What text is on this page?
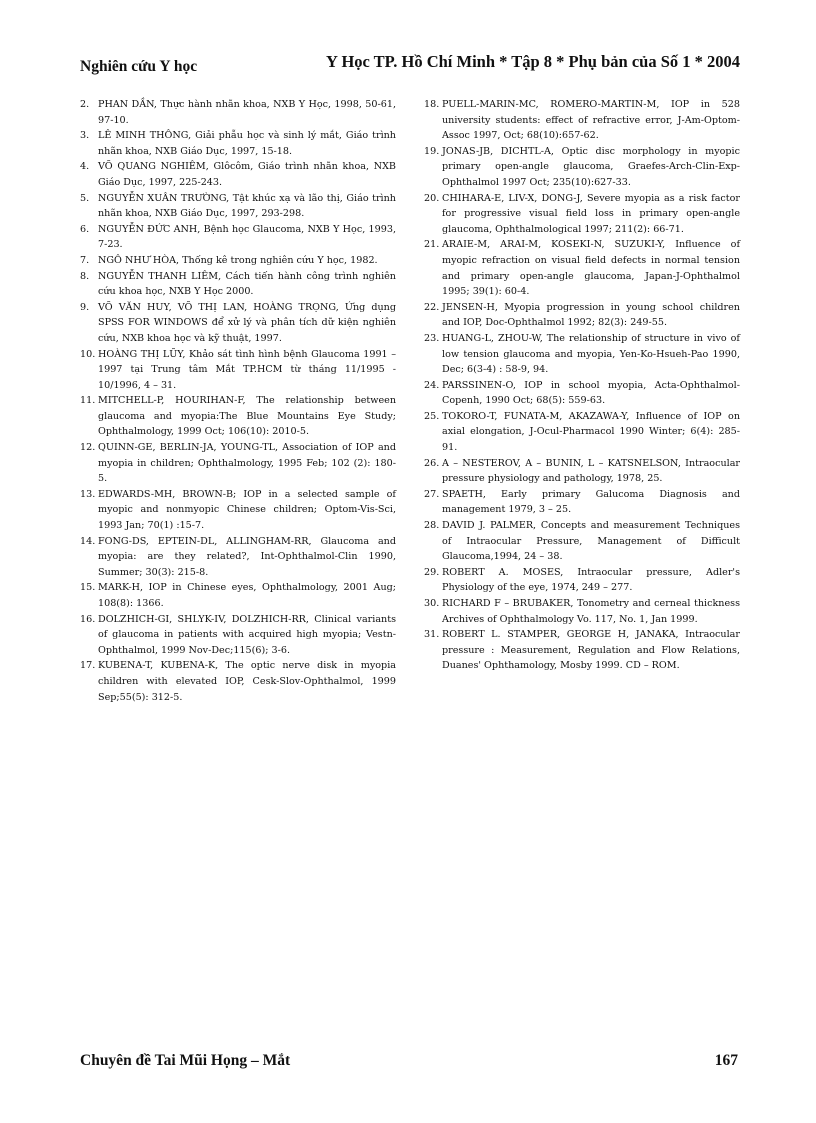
Nghiên cứu Y học	Y Học TP. Hồ Chí Minh * Tập 8 * Phụ bản của Số 1 * 2004
2. PHAN DẦN, Thực hành nhãn khoa, NXB Y Học, 1998, 50-61, 97-10.
3. LÊ MINH THÔNG, Giải phẫu học và sinh lý mắt, Giáo trình nhãn khoa, NXB Giáo Dục, 1997, 15-18.
4. VÕ QUANG NGHIÊM, Glôcôm, Giáo trình nhãn khoa, NXB Giáo Dục, 1997, 225-243.
5. NGUYỄN XUÂN TRƯỜNG, Tật khúc xạ và lão thị, Giáo trình nhãn khoa, NXB Giáo Dục, 1997, 293-298.
6. NGUYỄN ĐỨC ANH, Bệnh học Glaucoma, NXB Y Học, 1993, 7-23.
7. NGÔ NHƯ HÒA, Thống kê trong nghiên cứu Y học, 1982.
8. NGUYỄN THANH LIÊM, Cách tiến hành công trình nghiên cứu khoa học, NXB Y Học 2000.
9. VÕ VĂN HUY, VÕ THỊ LAN, HOÀNG TRỌNG, Ứng dụng SPSS FOR WINDOWS để xử lý và phân tích dữ kiện nghiên cứu, NXB khoa học và kỹ thuật, 1997.
10. HOÀNG THỊ LŨY, Khảo sát tình hình bệnh Glaucoma 1991 – 1997 tại Trung tâm Mắt TP.HCM từ tháng 11/1995 - 10/1996, 4 – 31.
11. MITCHELL-P, HOURIHAN-F, The relationship between glaucoma and myopia:The Blue Mountains Eye Study; Ophthalmology, 1999 Oct; 106(10): 2010-5.
12. QUINN-GE, BERLIN-JA, YOUNG-TL, Association of IOP and myopia in children; Ophthalmology, 1995 Feb; 102 (2): 180-5.
13. EDWARDS-MH, BROWN-B; IOP in a selected sample of myopic and nonmyopic Chinese children; Optom-Vis-Sci, 1993 Jan; 70(1) :15-7.
14. FONG-DS, EPTEIN-DL, ALLINGHAM-RR, Glaucoma and myopia: are they related?, Int-Ophthalmol-Clin 1990, Summer; 30(3): 215-8.
15. MARK-H, IOP in Chinese eyes, Ophthalmology, 2001 Aug; 108(8): 1366.
16. DOLZHICH-GI, SHLYK-IV, DOLZHICH-RR, Clinical variants of glaucoma in patients with acquired high myopia; Vestn-Ophthalmol, 1999 Nov-Dec;115(6); 3-6.
17. KUBENA-T, KUBENA-K, The optic nerve disk in myopia children with elevated IOP, Cesk-Slov-Ophthalmol, 1999 Sep;55(5): 312-5.
18. PUELL-MARIN-MC, ROMERO-MARTIN-M, IOP in 528 university students: effect of refractive error, J-Am-Optom-Assoc 1997, Oct; 68(10):657-62.
19. JONAS-JB, DICHTL-A, Optic disc morphology in myopic primary open-angle glaucoma, Graefes-Arch-Clin-Exp-Ophthalmol 1997 Oct; 235(10):627-33.
20. CHIHARA-E, LIV-X, DONG-J, Severe myopia as a risk factor for progressive visual field loss in primary open-angle glaucoma, Ophthalmological 1997; 211(2): 66-71.
21. ARAIE-M, ARAI-M, KOSEKI-N, SUZUKI-Y, Influence of myopic refraction on visual field defects in normal tension and primary open-angle glaucoma, Japan-J-Ophthalmol 1995; 39(1): 60-4.
22. JENSEN-H, Myopia progression in young school children and IOP, Doc-Ophthalmol 1992; 82(3): 249-55.
23. HUANG-L, ZHOU-W, The relationship of structure in vivo of low tension glaucoma and myopia, Yen-Ko-Hsueh-Pao 1990, Dec; 6(3-4) : 58-9, 94.
24. PARSSINEN-O, IOP in school myopia, Acta-Ophthalmol- Copenh, 1990 Oct; 68(5): 559-63.
25. TOKORO-T, FUNATA-M, AKAZAWA-Y, Influence of IOP on axial elongation, J-Ocul-Pharmacol 1990 Winter; 6(4): 285-91.
26. A – NESTEROV, A – BUNIN, L – KATSNELSON, Intraocular pressure physiology and pathology, 1978, 25.
27. SPAETH, Early primary Galucoma Diagnosis and management 1979, 3 – 25.
28. DAVID J. PALMER, Concepts and measurement Techniques of Intraocular Pressure, Management of Difficult Glaucoma,1994, 24 – 38.
29. ROBERT A. MOSES, Intraocular pressure, Adler's Physiology of the eye, 1974, 249 – 277.
30. RICHARD F – BRUBAKER, Tonometry and cerneal thickness Archives of Ophthalmology Vo. 117, No. 1, Jan 1999.
31. ROBERT L. STAMPER, GEORGE H, JANAKA, Intraocular pressure : Measurement, Regulation and Flow Relations, Duanes' Ophthamology, Mosby 1999. CD – ROM.
Chuyên đề Tai Mũi Họng – Mắt	167
